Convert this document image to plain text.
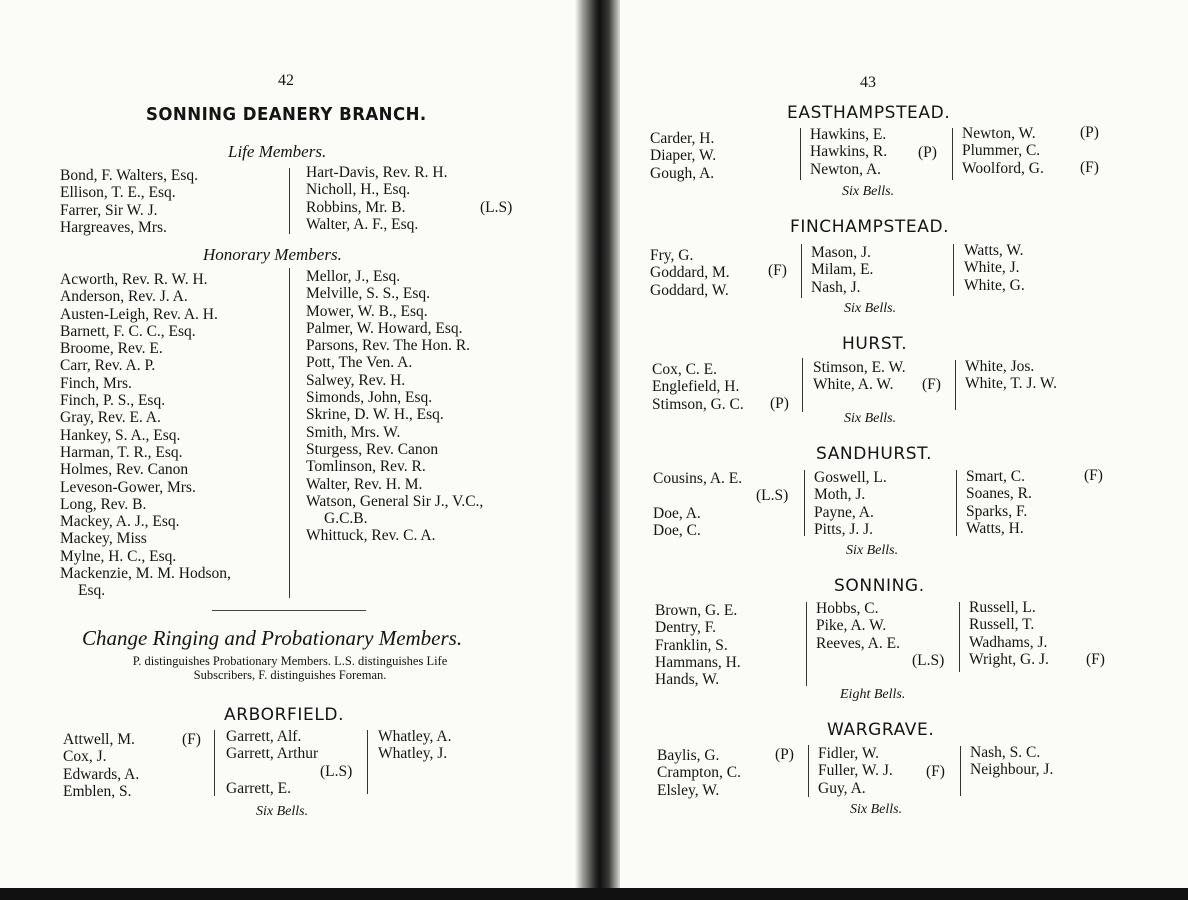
42
SONNING DEANERY BRANCH.
Life Members.
Bond, F. Walters, Esq.
Ellison, T. E., Esq.
Farrer, Sir W. J.
Hargreaves, Mrs.
Hart-Davis, Rev. R. H.
Nicholl, H., Esq.
Robbins, Mr. B.
Walter, A. F., Esq.
(L.S)
Honorary Members.
Acworth, Rev. R. W. H.
Anderson, Rev. J. A.
Austen-Leigh, Rev. A. H.
Barnett, F. C. C., Esq.
Broome, Rev. E.
Carr, Rev. A. P.
Finch, Mrs.
Finch, P. S., Esq.
Gray, Rev. E. A.
Hankey, S. A., Esq.
Harman, T. R., Esq.
Holmes, Rev. Canon
Leveson-Gower, Mrs.
Long, Rev. B.
Mackey, A. J., Esq.
Mackey, Miss
Mylne, H. C., Esq.
Mackenzie, M. M. Hodson,
Esq.
Mellor, J., Esq.
Melville, S. S., Esq.
Mower, W. B., Esq.
Palmer, W. Howard, Esq.
Parsons, Rev. The Hon. R.
Pott, The Ven. A.
Salwey, Rev. H.
Simonds, John, Esq.
Skrine, D. W. H., Esq.
Smith, Mrs. W.
Sturgess, Rev. Canon
Tomlinson, Rev. R.
Walter, Rev. H. M.
Watson, General Sir J., V.C.,
G.C.B.
Whittuck, Rev. C. A.
Change Ringing and Probationary Members.
P. distinguishes Probationary Members. L.S. distinguishes Life
Subscribers, F. distinguishes Foreman.
ARBORFIELD.
Attwell, M.
Cox, J.
Edwards, A.
Emblen, S.
(F) Garrett, Alf.
Garrett, Arthur

Garrett, E.
(L.S)
Whatley, A.
Whatley, J.
Six Bells.
43
EASTHAMPSTEAD.
Carder, H.
Diaper, W.
Gough, A.
Hawkins, E.
Hawkins, R.
Newton, A.
(P)
Newton, W.
Plummer, C.
Woolford, G.
(P)
(F)
Six Bells.
FINCHAMPSTEAD.
Fry, G.
Goddard, M.
Goddard, W.
(F)
Mason, J.
Milam, E.
Nash, J.
Watts, W.
White, J.
White, G.
Six Bells.
HURST.
Cox, C. E.
Englefield, H.
Stimson, G. C. (P)
Stimson, E. W.
White, A. W.	(F)
White, Jos.
White, T. J. W.
Six Bells.
SANDHURST.
Cousins, A. E.

Doe, A.
Doe, C.
(L.S)
Goswell, L.
Moth, J.
Payne, A.
Pitts, J. J.
Smart, C.
Soanes, R.
Sparks, F.
Watts, H.
(F)
Six Bells.
SONNING.
Brown, G. E.
Dentry, F.
Franklin, S.
Hammans, H.
Hands, W.
Hobbs, C.
Pike, A. W.
Reeves, A. E.
(L.S)
Russell, L.
Russell, T.
Wadhams, J.
Wright, G. J. (F)
Eight Bells.
WARGRAVE.
Baylis, G.
Crampton, C.
Elsley, W.
(P) Fidler, W.
Fuller, W. J.
Guy, A.
(F)
Nash, S. C.
Neighbour, J.
Six Bells.
